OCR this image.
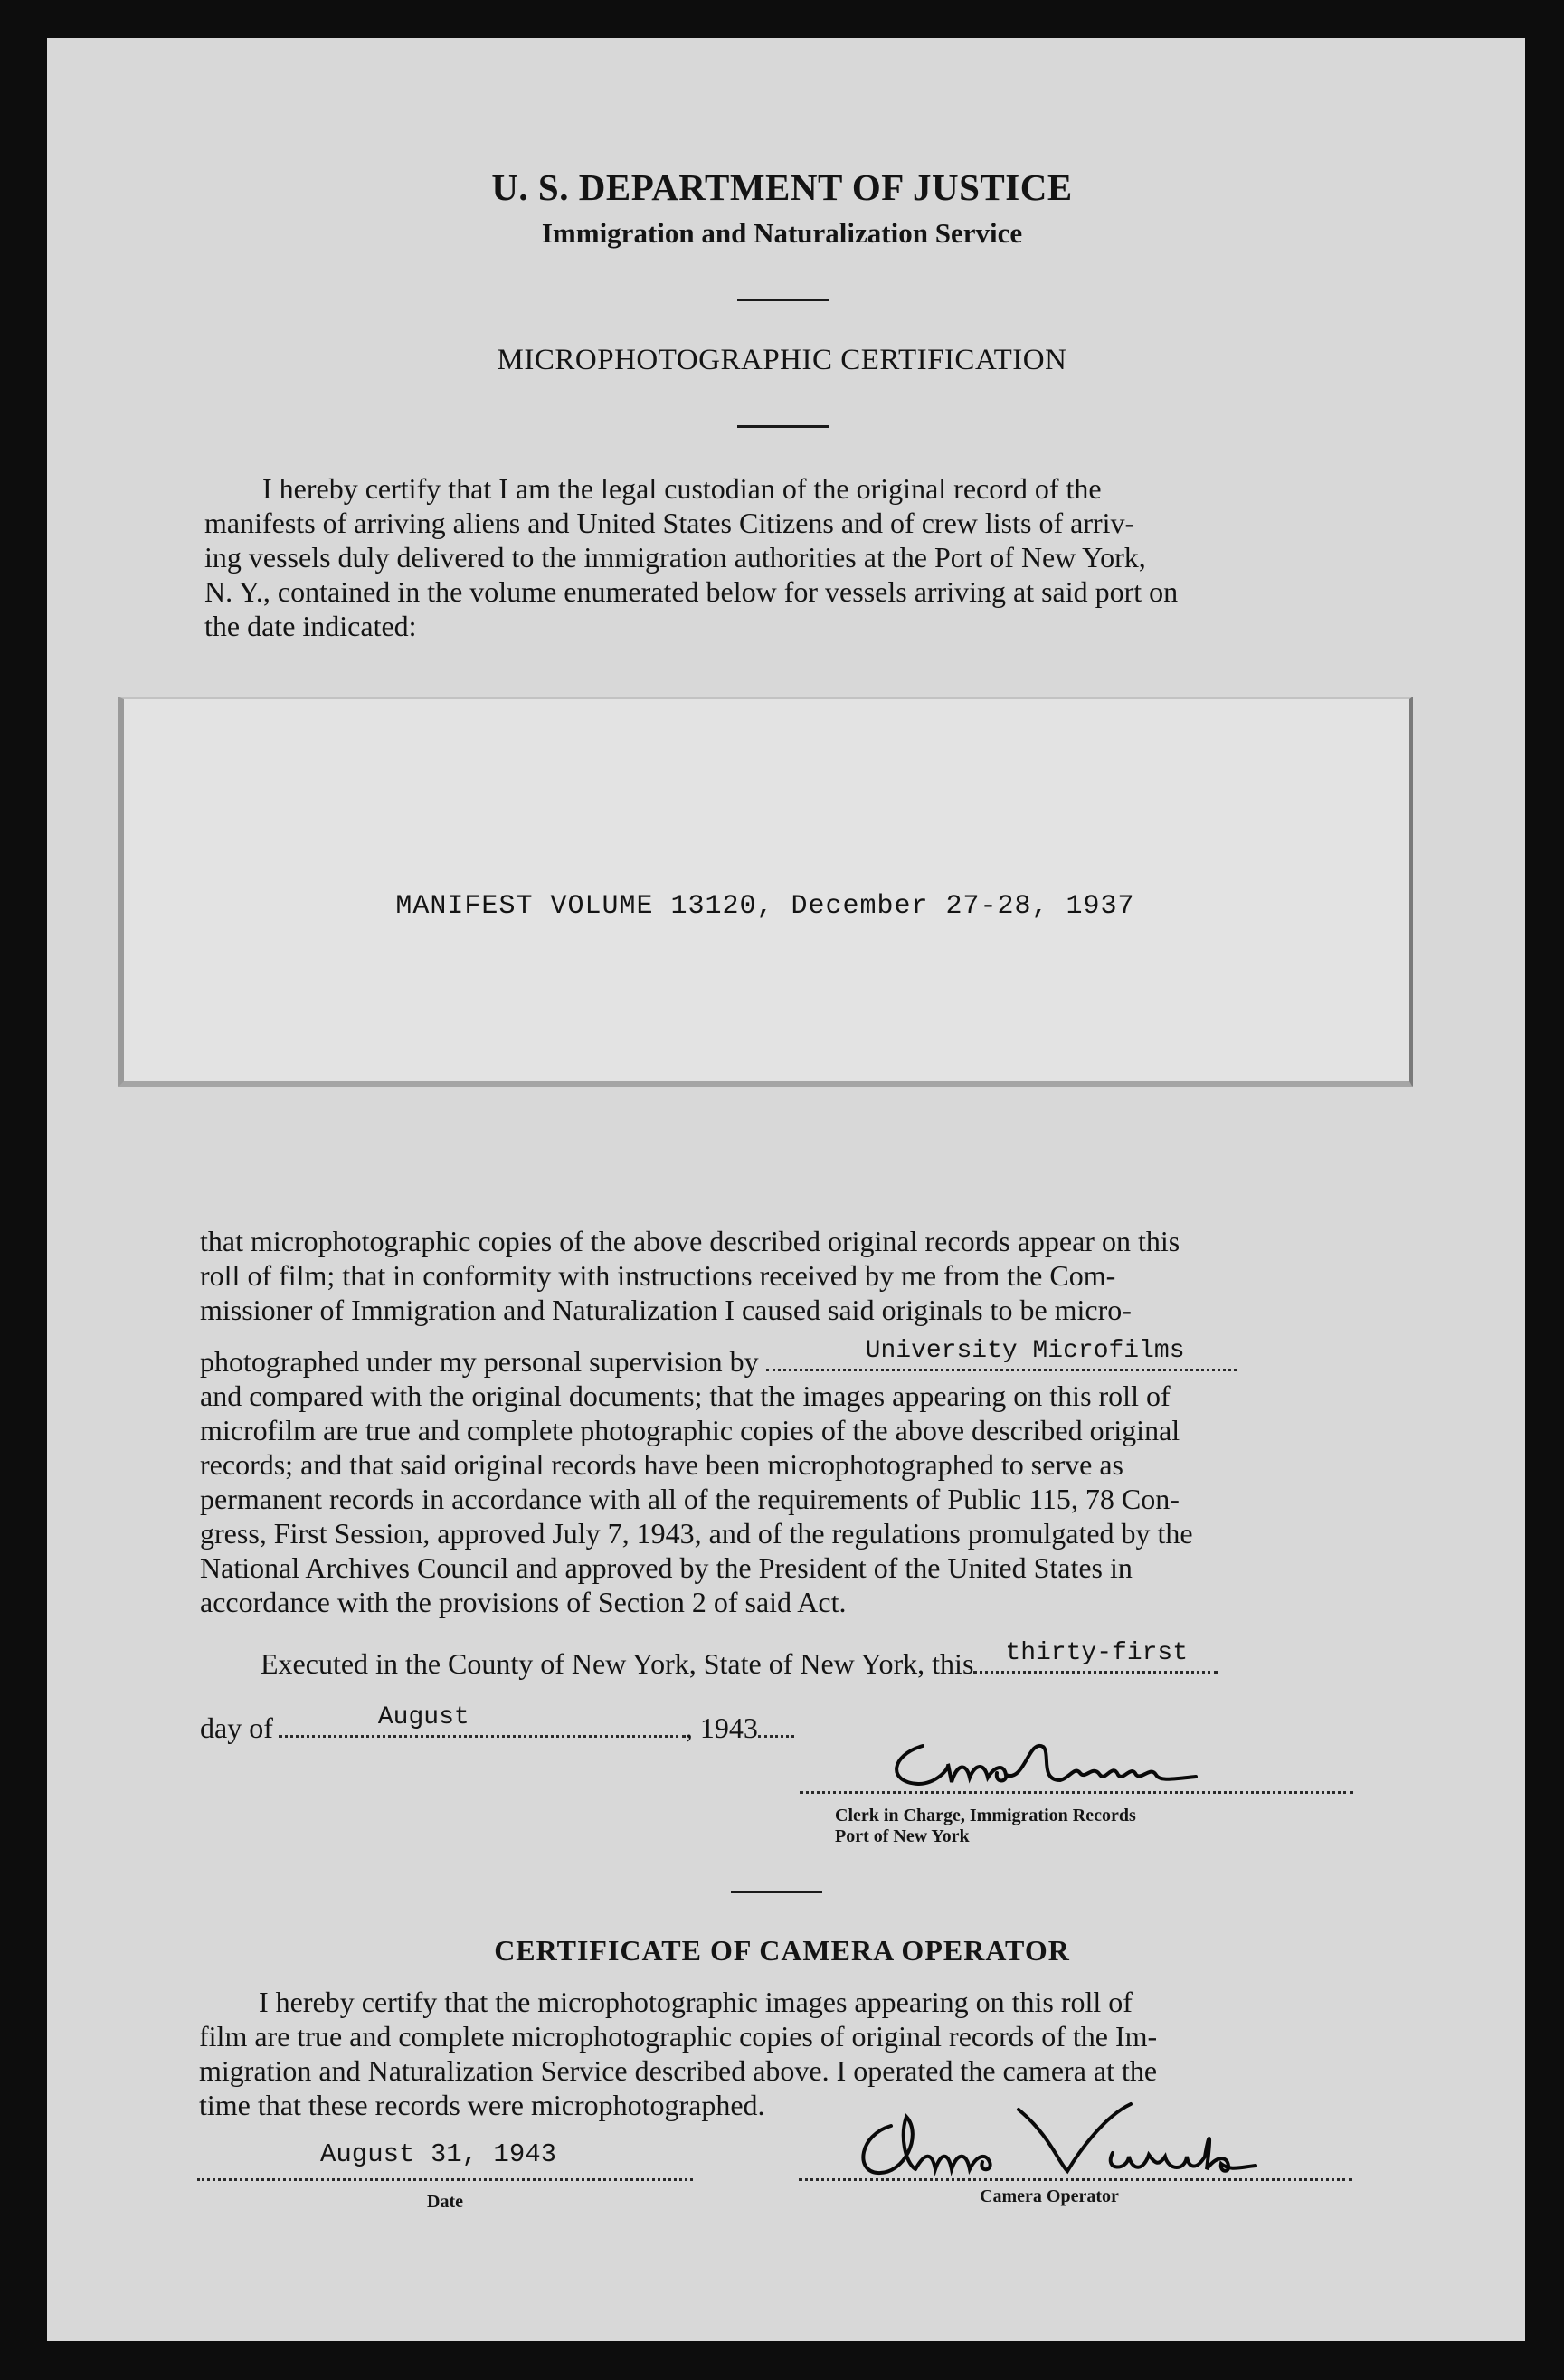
U. S. DEPARTMENT OF JUSTICE
Immigration and Naturalization Service
MICROPHOTOGRAPHIC CERTIFICATION
I hereby certify that I am the legal custodian of the original record of the
manifests of arriving aliens and United States Citizens and of crew lists of arriv-
ing vessels duly delivered to the immigration authorities at the Port of New York,
N. Y., contained in the volume enumerated below for vessels arriving at said port on
the date indicated:
MANIFEST VOLUME 13120, December 27-28, 1937
that microphotographic copies of the above described original records appear on this
roll of film; that in conformity with instructions received by me from the Com-
missioner of Immigration and Naturalization I caused said originals to be micro-
photographed under my personal supervision by	University Microfilms
and compared with the original documents; that the images appearing on this roll of
microfilm are true and complete photographic copies of the above described original
records; and that said original records have been microphotographed to serve as
permanent records in accordance with all of the requirements of Public 115, 78 Con-
gress, First Session, approved July 7, 1943, and of the regulations promulgated by the
National Archives Council and approved by the President of the United States in
accordance with the provisions of Section 2 of said Act.
Executed in the County of New York, State of New York, this thirty-first
day of	August	, 1943
Clerk in Charge, Immigration Records
Port of New York
CERTIFICATE OF CAMERA OPERATOR
I hereby certify that the microphotographic images appearing on this roll of
film are true and complete microphotographic copies of original records of the Im-
migration and Naturalization Service described above. I operated the camera at the
time that these records were microphotographed.
August 31, 1943
Date	Camera Operator
